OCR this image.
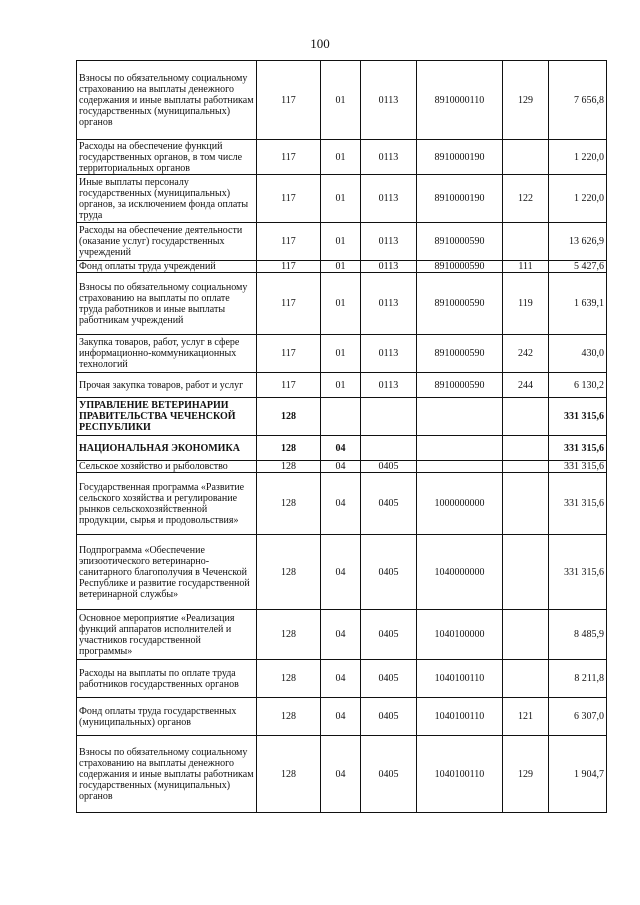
100
Взносы по обязательному социальному страхованию на выплаты денежного содержания и иные выплаты работникам государственных (муниципальных) органов	117	01	0113	8910000110	129	7 656,8
Расходы на обеспечение функций государственных органов, в том числе территориальных органов	117	01	0113	8910000190		1 220,0
Иные выплаты персоналу государственных (муниципальных) органов, за исключением фонда оплаты труда	117	01	0113	8910000190	122	1 220,0
Расходы на обеспечение деятельности (оказание услуг) государственных учреждений	117	01	0113	8910000590		13 626,9
Фонд оплаты труда учреждений	117	01	0113	8910000590	111	5 427,6
Взносы по обязательному социальному страхованию на выплаты по оплате труда работников и иные выплаты работникам учреждений	117	01	0113	8910000590	119	1 639,1
Закупка товаров, работ, услуг в сфере информационно-коммуникационных технологий	117	01	0113	8910000590	242	430,0
Прочая закупка товаров, работ и услуг	117	01	0113	8910000590	244	6 130,2
УПРАВЛЕНИЕ ВЕТЕРИНАРИИ ПРАВИТЕЛЬСТВА ЧЕЧЕНСКОЙ РЕСПУБЛИКИ	128					331 315,6
НАЦИОНАЛЬНАЯ ЭКОНОМИКА	128	04				331 315,6
Сельское хозяйство и рыболовство	128	04	0405			331 315,6
Государственная программа «Развитие сельского хозяйства и регулирование рынков сельскохозяйственной продукции, сырья и продовольствия»	128	04	0405	1000000000		331 315,6
Подпрограмма «Обеспечение эпизоотического ветеринарно-санитарного благополучия в Чеченской Республике и развитие государственной ветеринарной службы»	128	04	0405	1040000000		331 315,6
Основное мероприятие «Реализация функций аппаратов исполнителей и участников государственной программы»	128	04	0405	1040100000		8 485,9
Расходы на выплаты по оплате труда работников государственных органов	128	04	0405	1040100110		8 211,8
Фонд оплаты труда государственных (муниципальных) органов	128	04	0405	1040100110	121	6 307,0
Взносы по обязательному социальному страхованию на выплаты денежного содержания и иные выплаты работникам государственных (муниципальных) органов	128	04	0405	1040100110	129	1 904,7
